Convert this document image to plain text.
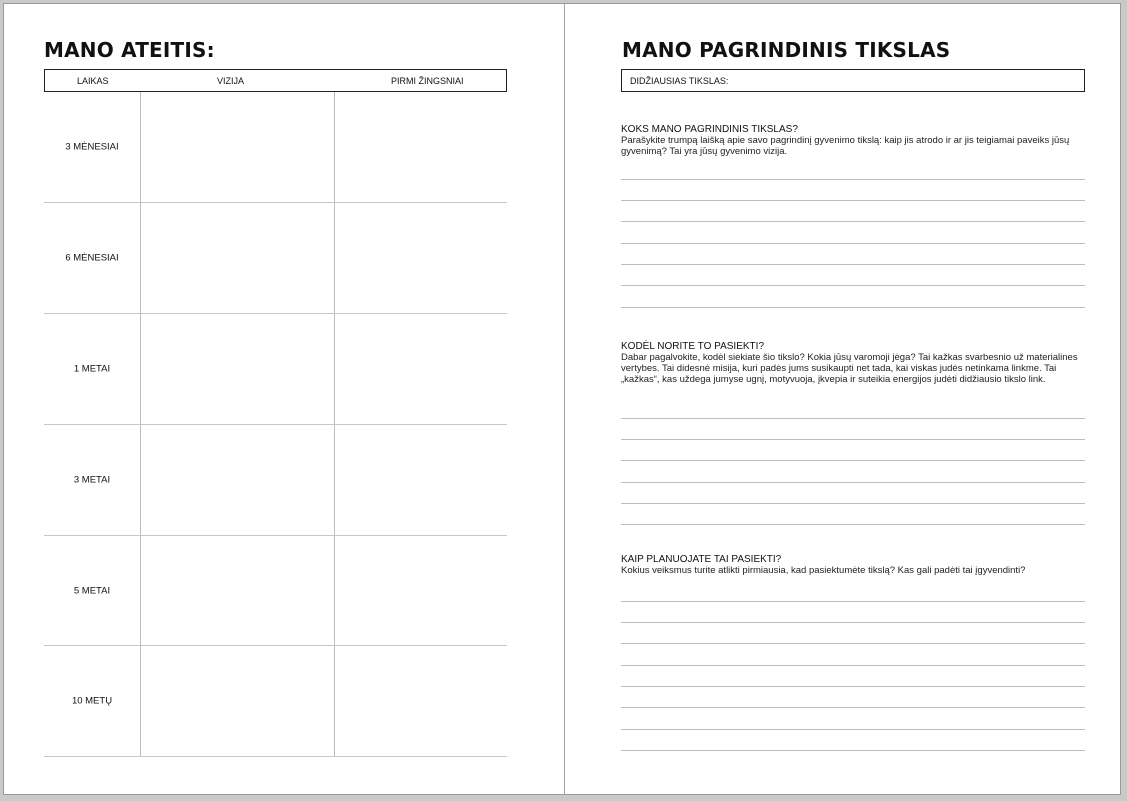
MANO ATEITIS:
LAIKAS	VIZIJA	PIRMI ŽINGSNIAI
3 MĖNESIAI
6 MĖNESIAI
1 METAI
3 METAI
5 METAI
10 METŲ
MANO PAGRINDINIS TIKSLAS
DIDŽIAUSIAS TIKSLAS:

KOKS MANO PAGRINDINIS TIKSLAS?

Parašykite trumpą laišką apie savo pagrindinį gyvenimo tikslą: kaip jis atrodo ir ar jis teigiamai paveiks jūsų gyvenimą? Tai yra jūsų gyvenimo vizija.

KODĖL NORITE TO PASIEKTI?

Dabar pagalvokite, kodėl siekiate šio tikslo? Kokia jūsų varomoji jėga? Tai kažkas svarbesnio už materialines vertybes. Tai didesnė misija, kuri padės jums susikaupti net tada, kai viskas judės netinkama linkme. Tai „kažkas“, kas uždega jumyse ugnį, motyvuoja, įkvepia ir suteikia energijos judėti didžiausio tikslo link.

KAIP PLANUOJATE TAI PASIEKTI?

Kokius veiksmus turite atlikti pirmiausia, kad pasiektumėte tikslą? Kas gali padėti tai įgyvendinti?
